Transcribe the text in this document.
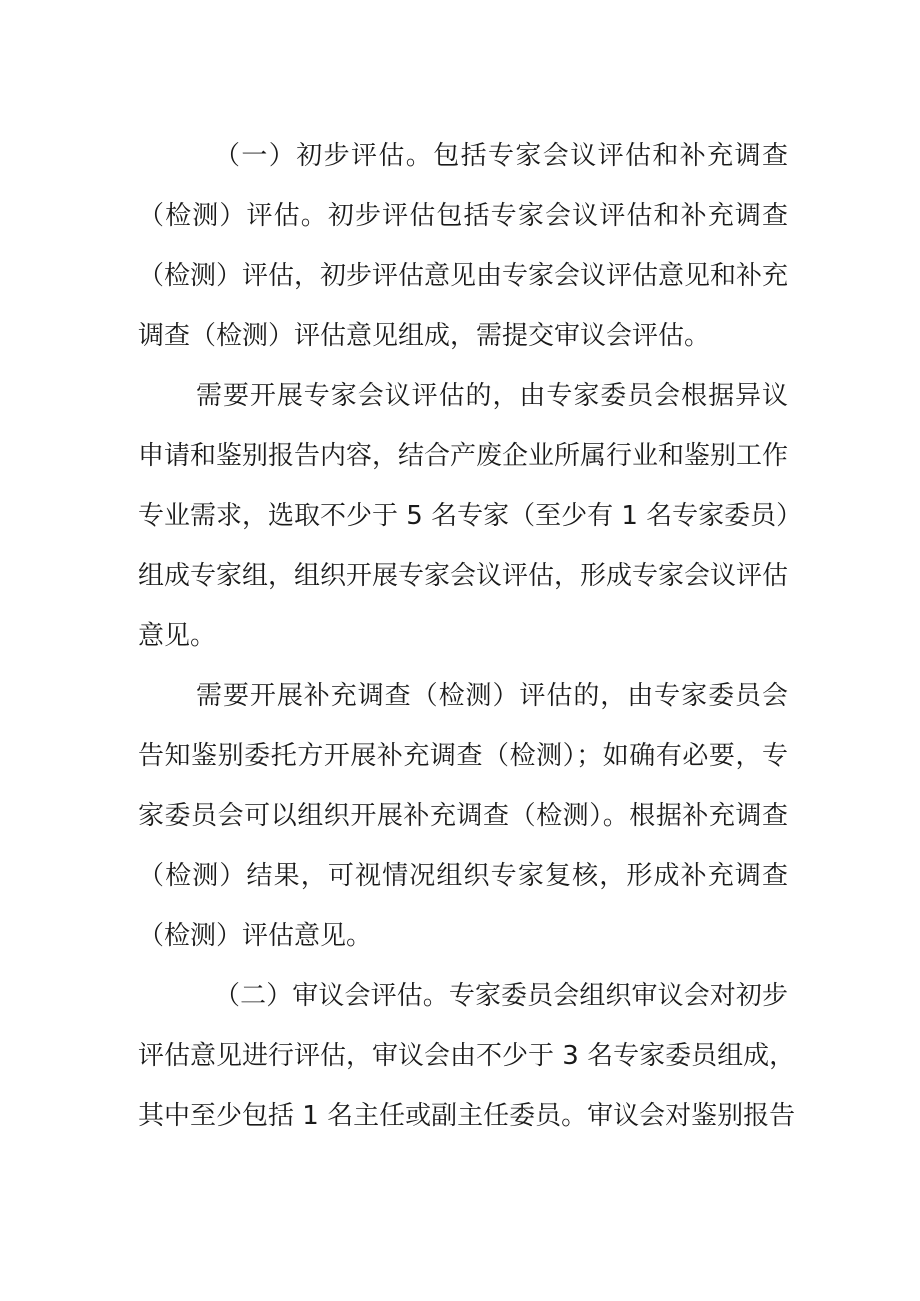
（一）初步评估。包括专家会议评估和补充调查
（检测）评估。初步评估包括专家会议评估和补充调查
（检测）评估，初步评估意见由专家会议评估意见和补充
调查（检测）评估意见组成，需提交审议会评估。
需要开展专家会议评估的，由专家委员会根据异议
申请和鉴别报告内容，结合产废企业所属行业和鉴别工作
专业需求，选取不少于 5 名专家（至少有 1 名专家委员）
组成专家组，组织开展专家会议评估，形成专家会议评估
意见。
需要开展补充调查（检测）评估的，由专家委员会
告知鉴别委托方开展补充调查（检测）；如确有必要，专
家委员会可以组织开展补充调查（检测）。根据补充调查
（检测）结果，可视情况组织专家复核，形成补充调查
（检测）评估意见。
（二）审议会评估。专家委员会组织审议会对初步
评估意见进行评估，审议会由不少于 3 名专家委员组成，
其中至少包括 1 名主任或副主任委员。审议会对鉴别报告
